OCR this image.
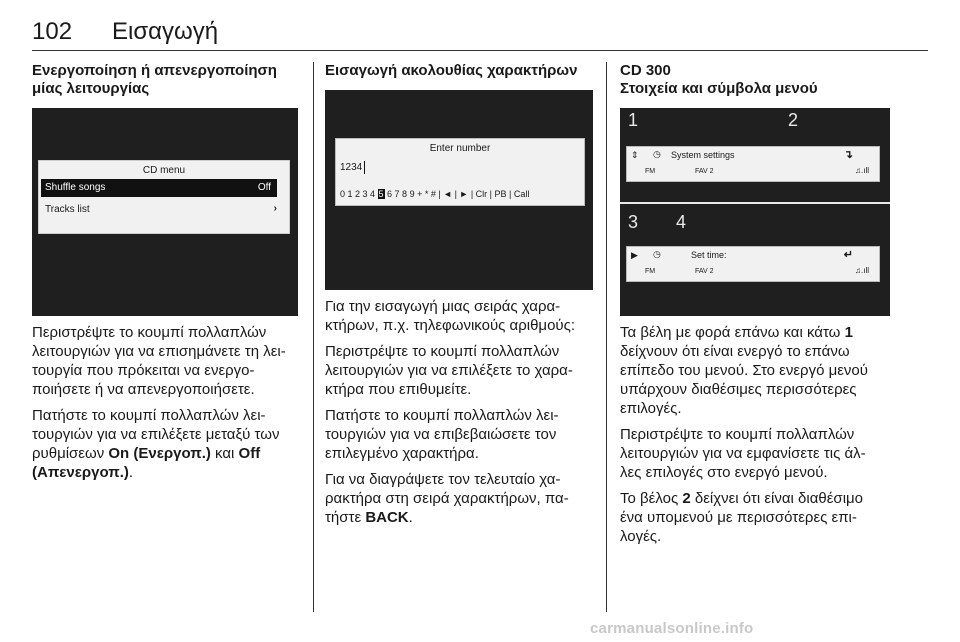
102 Εισαγωγή
Ενεργοποίηση ή απενεργοποίηση μίας λειτουργίας
CD menu
Shuffle songs	Off
Tracks list	›

Περιστρέψτε το κουμπί πολλαπλών λειτουργιών για να επισημάνετε τη λει- τουργία που πρόκειται να ενεργο- ποιήσετε ή να απενεργοποιήσετε.

Πατήστε το κουμπί πολλαπλών λει- τουργιών για να επιλέξετε μεταξύ των ρυθμίσεων On (Ενεργοπ.) και Off (Απενεργοπ.).

Εισαγωγή ακολουθίας χαρακτήρων
Enter number
1234
0 1 2 3 4 5 6 7 8 9 + * # | ◄ | ► | Clr | PB | Call

Για την εισαγωγή μιας σειράς χαρα- κτήρων, π.χ. τηλεφωνικούς αριθμούς:

Περιστρέψτε το κουμπί πολλαπλών λειτουργιών για να επιλέξετε το χαρα- κτήρα που επιθυμείτε.

Πατήστε το κουμπί πολλαπλών λει- τουργιών για να επιβεβαιώσετε τον επιλεγμένο χαρακτήρα.

Για να διαγράψετε τον τελευταίο χα- ρακτήρα στη σειρά χαρακτήρων, πα- τήστε BACK.

CD 300
Στοιχεία και σύμβολα μενού
1	2
⇕ ◷ System settings	↴
FM	FAV 2	♫.ıll
3 4
▶ ◷	Set time:	↵
FM	FAV 2	♫.ıll

Τα βέλη με φορά επάνω και κάτω 1 δείχνουν ότι είναι ενεργό το επάνω επίπεδο του μενού. Στο ενεργό μενού υπάρχουν διαθέσιμες περισσότερες επιλογές.

Περιστρέψτε το κουμπί πολλαπλών λειτουργιών για να εμφανίσετε τις άλ- λες επιλογές στο ενεργό μενού.

Το βέλος 2 δείχνει ότι είναι διαθέσιμο ένα υπομενού με περισσότερες επι- λογές.

carmanualsonline.info
